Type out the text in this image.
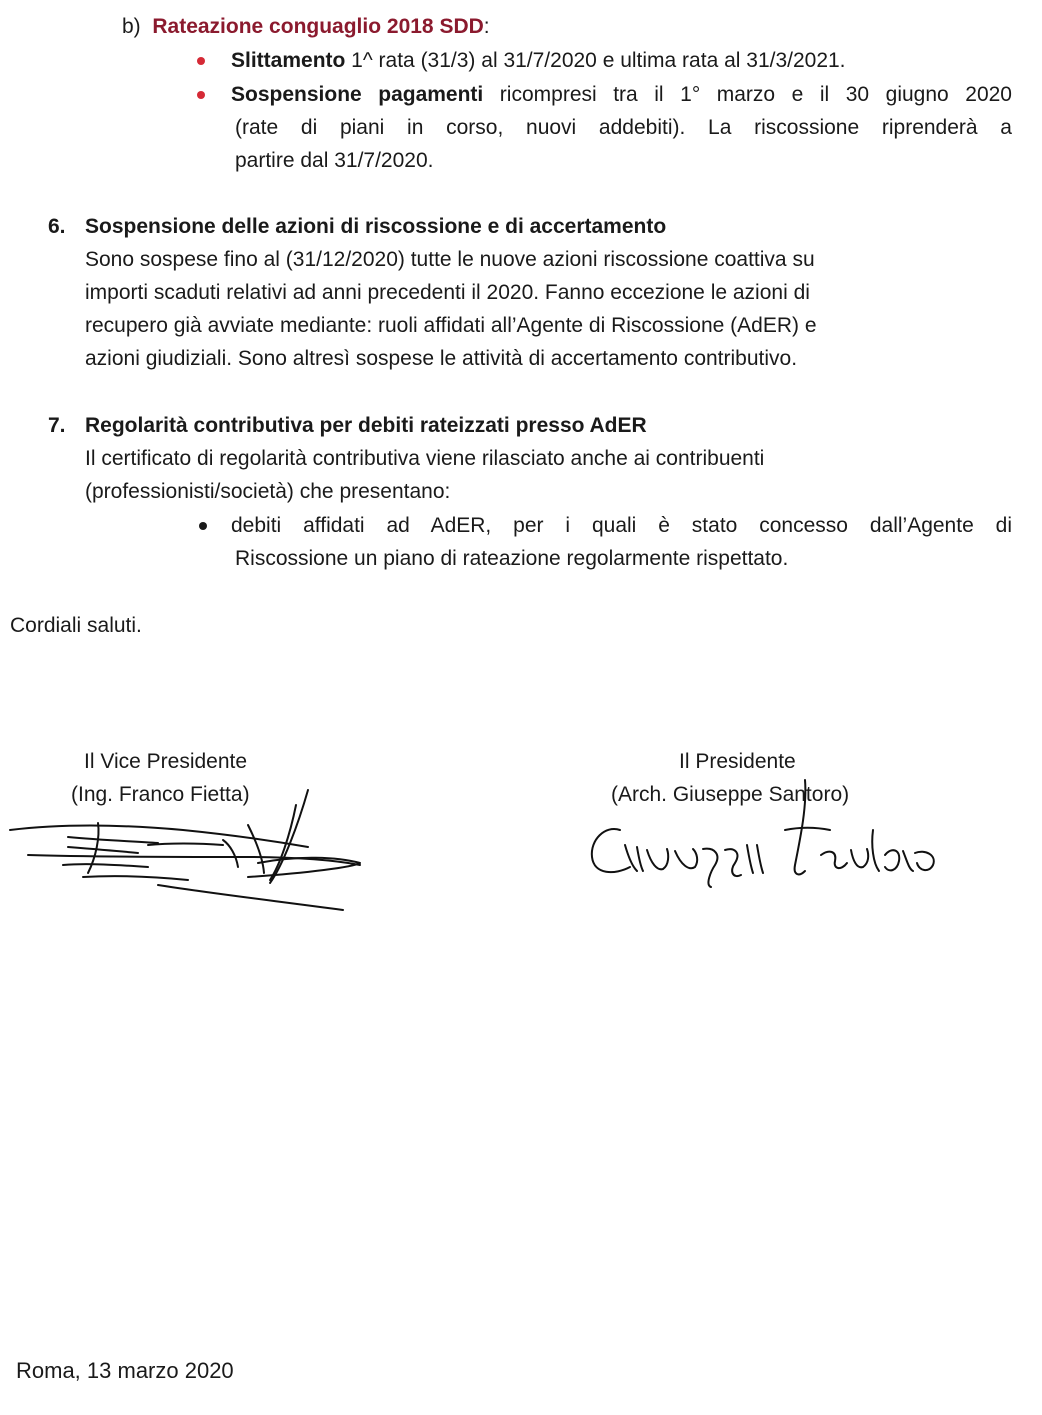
b) Rateazione conguaglio 2018 SDD:
Slittamento 1^ rata (31/3) al 31/7/2020 e ultima rata al 31/3/2021.
Sospensione pagamenti ricompresi tra il 1° marzo e il 30 giugno 2020
(rate di piani in corso, nuovi addebiti). La riscossione riprenderà a
partire dal 31/7/2020.
6. Sospensione delle azioni di riscossione e di accertamento
Sono sospese fino al (31/12/2020) tutte le nuove azioni riscossione coattiva su
importi scaduti relativi ad anni precedenti il 2020. Fanno eccezione le azioni di
recupero già avviate mediante: ruoli affidati all’Agente di Riscossione (AdER) e
azioni giudiziali. Sono altresì sospese le attività di accertamento contributivo.
7. Regolarità contributiva per debiti rateizzati presso AdER
Il certificato di regolarità contributiva viene rilasciato anche ai contribuenti
(professionisti/società) che presentano:
debiti affidati ad AdER, per i quali è stato concesso dall’Agente di
Riscossione un piano di rateazione regolarmente rispettato.
Cordiali saluti.
Il Vice Presidente
(Ing. Franco Fietta)
Il Presidente
(Arch. Giuseppe Santoro)
Roma, 13 marzo 2020
